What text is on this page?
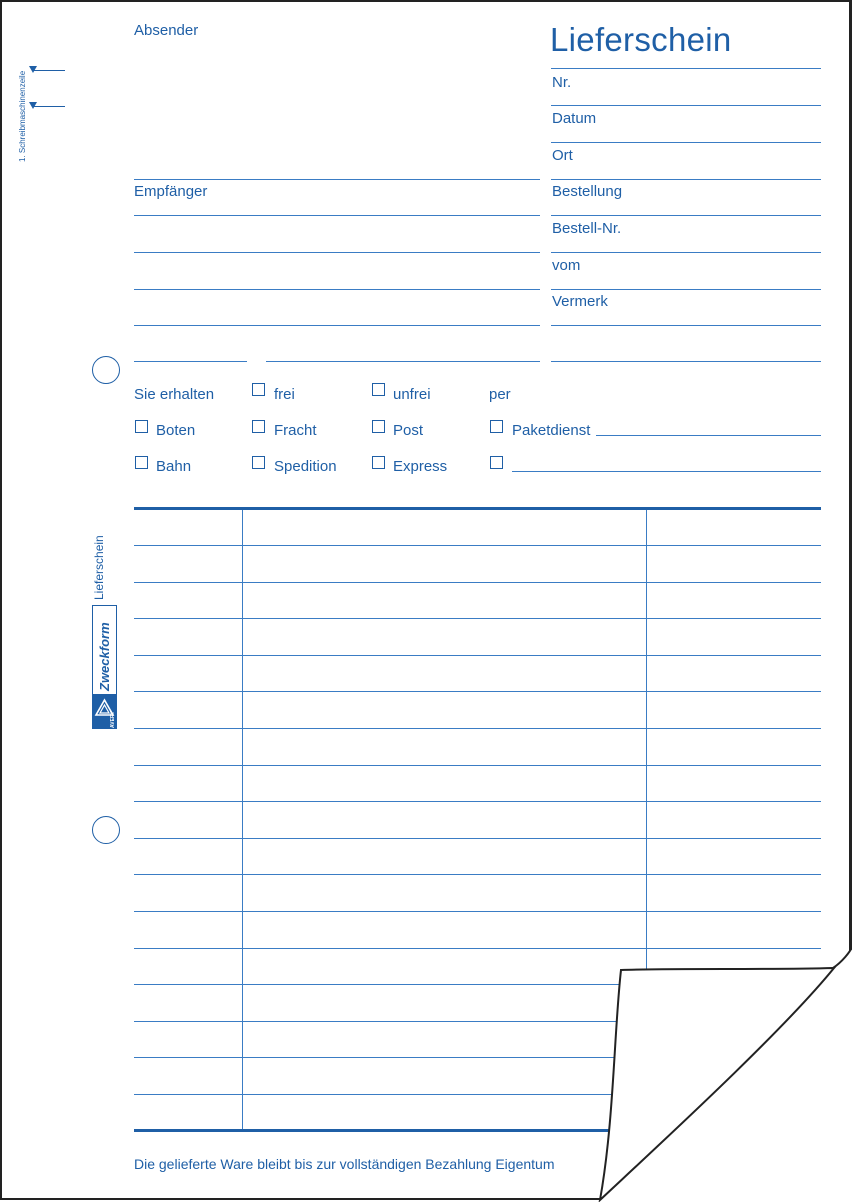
1. Schreibmaschinenzeile
Absender
Empfänger
Lieferschein
Nr.
Datum
Ort
Bestellung
Bestell-Nr.
vom
Vermerk
Sie erhalten	frei	unfrei	per
Boten	Fracht	Post	Paketdienst
Bahn	Spedition	Express
Lieferschein
Zweckform
AVERY
Die gelieferte Ware bleibt bis zur vollständigen Bezahlung Eigentum
